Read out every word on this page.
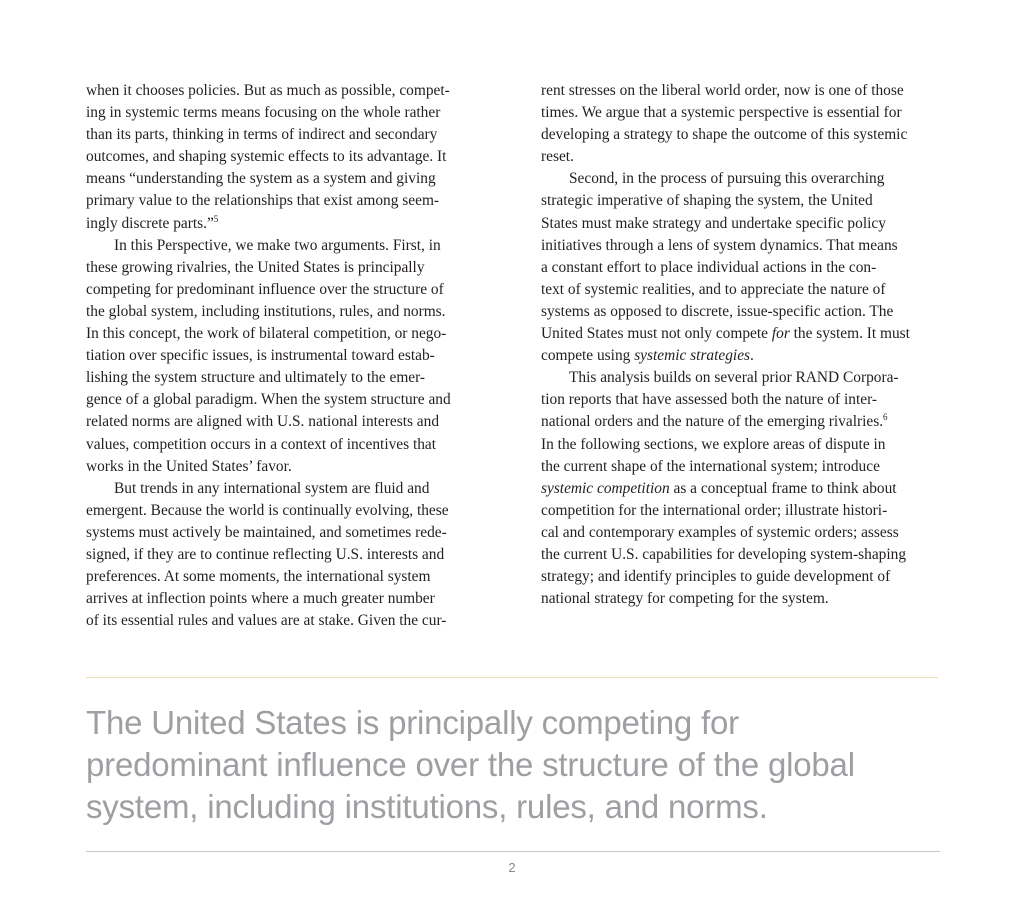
when it chooses policies. But as much as possible, compet-
ing in systemic terms means focusing on the whole rather
than its parts, thinking in terms of indirect and secondary
outcomes, and shaping systemic effects to its advantage. It
means “understanding the system as a system and giving
primary value to the relationships that exist among seem-
ingly discrete parts.”$^5$
In this Perspective, we make two arguments. First, in
these growing rivalries, the United States is principally
competing for predominant influence over the structure of
the global system, including institutions, rules, and norms.
In this concept, the work of bilateral competition, or nego-
tiation over specific issues, is instrumental toward estab-
lishing the system structure and ultimately to the emer-
gence of a global paradigm. When the system structure and
related norms are aligned with U.S. national interests and
values, competition occurs in a context of incentives that
works in the United States’ favor.
But trends in any international system are fluid and
emergent. Because the world is continually evolving, these
systems must actively be maintained, and sometimes rede-
signed, if they are to continue reflecting U.S. interests and
preferences. At some moments, the international system
arrives at inflection points where a much greater number
of its essential rules and values are at stake. Given the cur-
rent stresses on the liberal world order, now is one of those
times. We argue that a systemic perspective is essential for
developing a strategy to shape the outcome of this systemic
reset.
Second, in the process of pursuing this overarching
strategic imperative of shaping the system, the United
States must make strategy and undertake specific policy
initiatives through a lens of system dynamics. That means
a constant effort to place individual actions in the con-
text of systemic realities, and to appreciate the nature of
systems as opposed to discrete, issue-specific action. The
United States must not only compete for the system. It must
compete using systemic strategies.
This analysis builds on several prior RAND Corpora-
tion reports that have assessed both the nature of inter-
national orders and the nature of the emerging rivalries.$^6$
In the following sections, we explore areas of dispute in
the current shape of the international system; introduce
systemic competition as a conceptual frame to think about
competition for the international order; illustrate histori-
cal and contemporary examples of systemic orders; assess
the current U.S. capabilities for developing system-shaping
strategy; and identify principles to guide development of
national strategy for competing for the system.
The United States is principally competing for
predominant influence over the structure of the global
system, including institutions, rules, and norms.
2
